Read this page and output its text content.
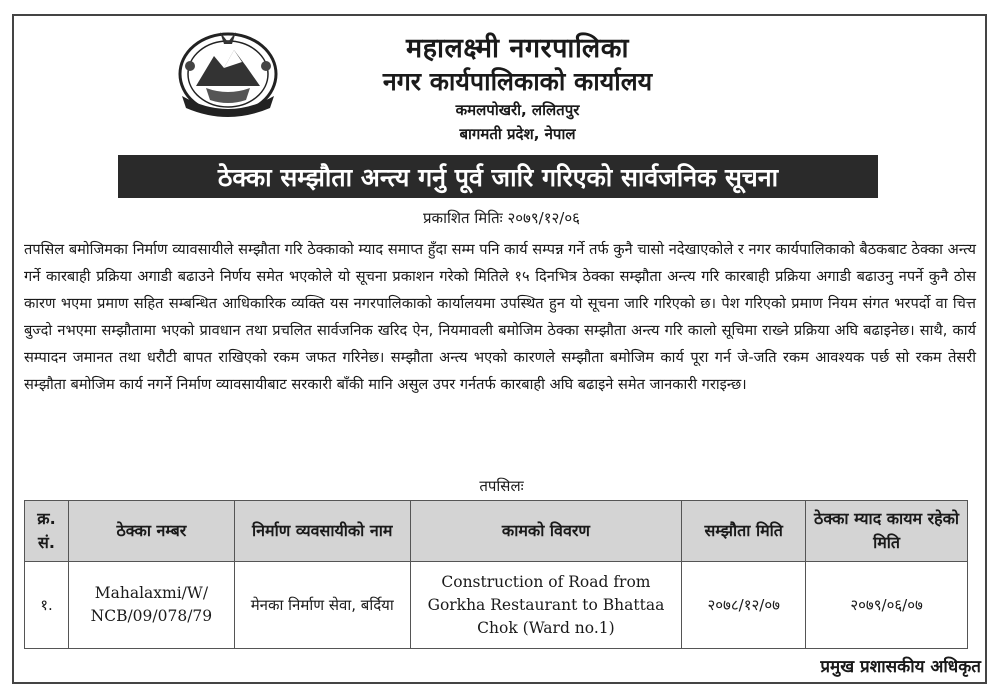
महालक्ष्मी नगरपालिका
नगर कार्यपालिकाको कार्यालय
कमलपोखरी, ललितपुर
बागमती प्रदेश, नेपाल
ठेक्का सम्झौता अन्त्य गर्नु पूर्व जारि गरिएको सार्वजनिक सूचना
प्रकाशित मितिः २०७९/१२/०६
तपसिल बमोजिमका निर्माण व्यावसायीले सम्झौता गरि ठेक्काको म्याद समाप्त हुँदा सम्म पनि कार्य सम्पन्न गर्ने तर्फ कुनै चासो नदेखाएकोले र नगर कार्यपालिकाको बैठकबाट ठेक्का अन्त्य गर्ने कारबाही प्रक्रिया अगाडी बढाउने निर्णय समेत भएकोले यो सूचना प्रकाशन गरेको मितिले १५ दिनभित्र ठेक्का सम्झौता अन्त्य गरि कारबाही प्रक्रिया अगाडी बढाउनु नपर्ने कुनै ठोस कारण भएमा प्रमाण सहित सम्बन्धित आधिकारिक व्यक्ति यस नगरपालिकाको कार्यालयमा उपस्थित हुन यो सूचना जारि गरिएको छ। पेश गरिएको प्रमाण नियम संगत भरपर्दो वा चित्त बुज्दो नभएमा सम्झौतामा भएको प्रावधान तथा प्रचलित सार्वजनिक खरिद ऐन, नियमावली बमोजिम ठेक्का सम्झौता अन्त्य गरि कालो सूचिमा राख्ने प्रक्रिया अघि बढाइनेछ। साथै, कार्य सम्पादन जमानत तथा धरौटी बापत राखिएको रकम जफत गरिनेछ। सम्झौता अन्त्य भएको कारणले सम्झौता बमोजिम कार्य पूरा गर्न जे-जति रकम आवश्यक पर्छ सो रकम तेसरी सम्झौता बमोजिम कार्य नगर्ने निर्माण व्यावसायीबाट सरकारी बाँकी मानि असुल उपर गर्नतर्फ कारबाही अघि बढाइने समेत जानकारी गराइन्छ।
तपसिलः
क्र. सं.	ठेक्का नम्बर	निर्माण व्यवसायीको नाम	कामको विवरण	सम्झौता मिति	ठेक्का म्याद कायम रहेको मिति
१.	Mahalaxmi/W/ NCB/09/078/79	मेनका निर्माण सेवा, बर्दिया	Construction of Road from Gorkha Restaurant to Bhattaa Chok (Ward no.1)	२०७८/१२/०७	२०७९/०६/०७
प्रमुख प्रशासकीय अधिकृत
